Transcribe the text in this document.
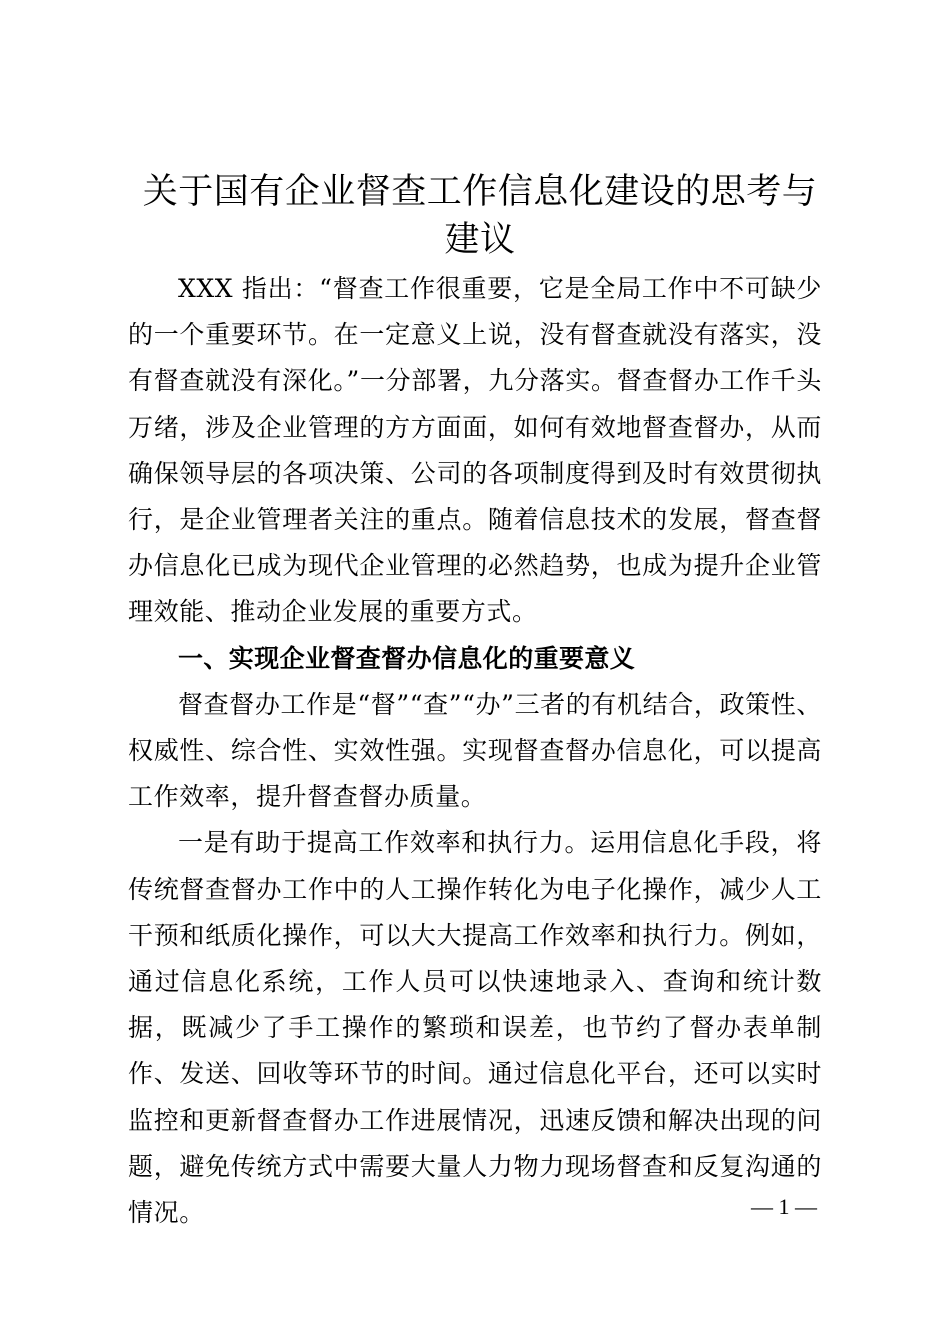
关于国有企业督查工作信息化建设的思考与建议

XXX 指出：“督查工作很重要，它是全局工作中不可缺少的一个重要环节。在一定意义上说，没有督查就没有落实，没有督查就没有深化。”一分部署，九分落实。督查督办工作千头万绪，涉及企业管理的方方面面，如何有效地督查督办，从而确保领导层的各项决策、公司的各项制度得到及时有效贯彻执行，是企业管理者关注的重点。随着信息技术的发展，督查督办信息化已成为现代企业管理的必然趋势，也成为提升企业管理效能、推动企业发展的重要方式。

一、实现企业督查督办信息化的重要意义

督查督办工作是“督”“查”“办”三者的有机结合，政策性、权威性、综合性、实效性强。实现督查督办信息化，可以提高工作效率，提升督查督办质量。

一是有助于提高工作效率和执行力。运用信息化手段，将传统督查督办工作中的人工操作转化为电子化操作，减少人工干预和纸质化操作，可以大大提高工作效率和执行力。例如，通过信息化系统，工作人员可以快速地录入、查询和统计数据，既减少了手工操作的繁琐和误差，也节约了督办表单制作、发送、回收等环节的时间。通过信息化平台，还可以实时监控和更新督查督办工作进展情况，迅速反馈和解决出现的问题，避免传统方式中需要大量人力物力现场督查和反复沟通的情况。	— 1 —
